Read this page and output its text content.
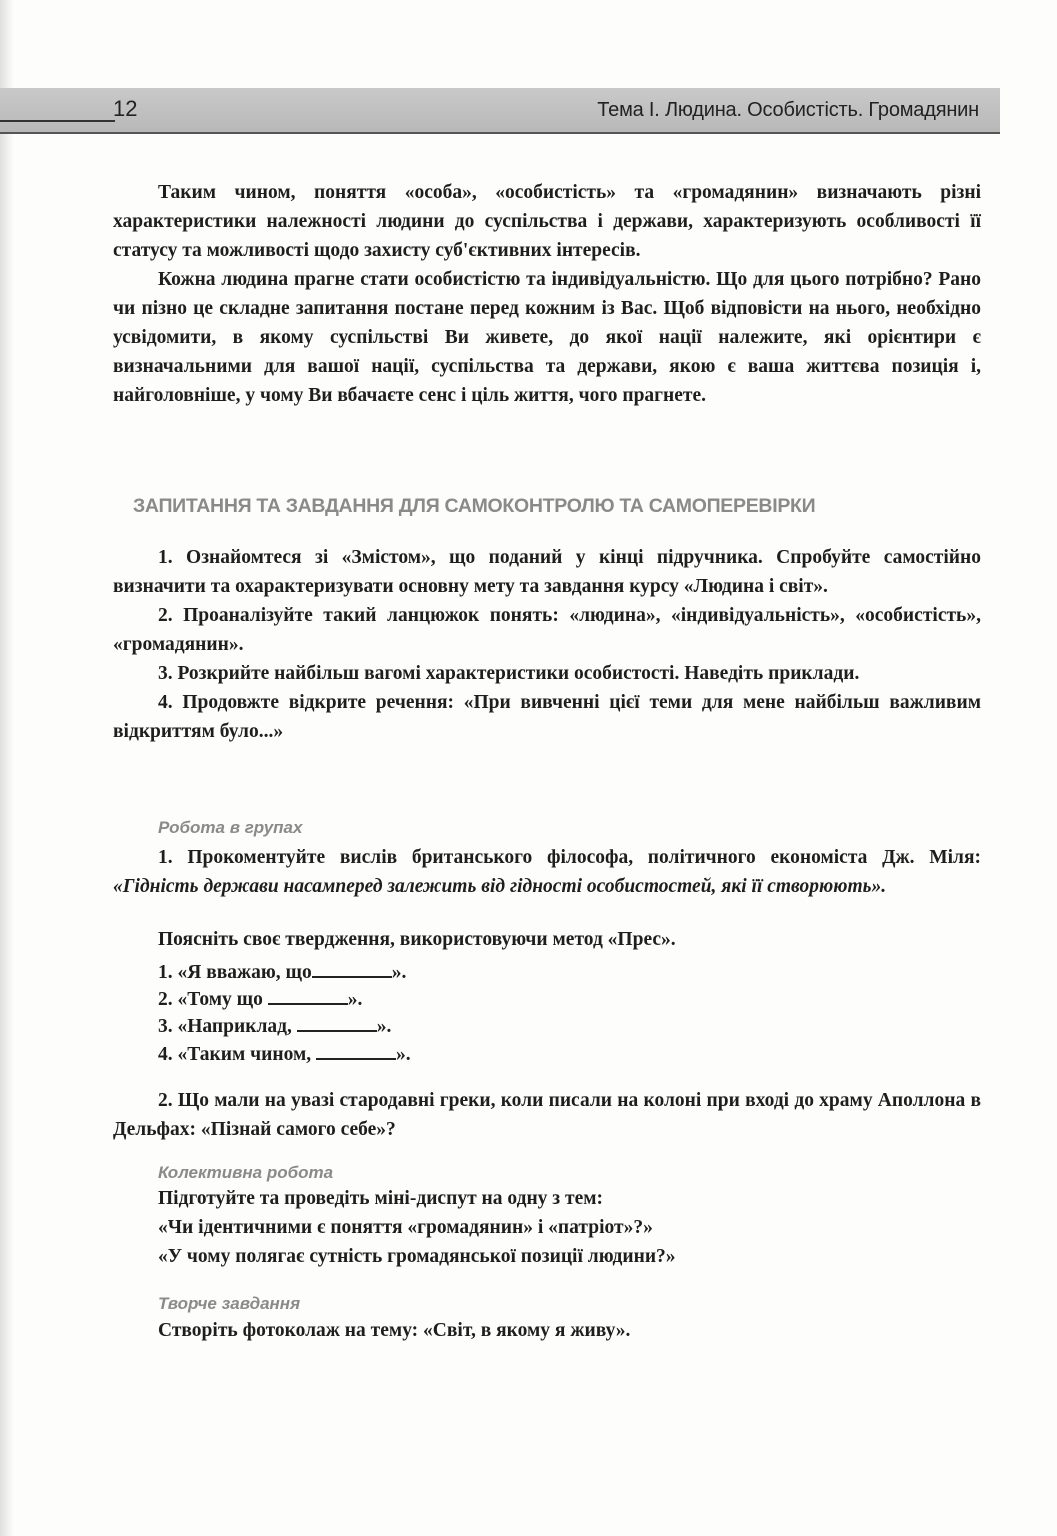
12	Тема І. Людина. Особистість. Громадянин

Таким чином, поняття «особа», «особистість» та «громадянин» визначають різні характеристики належності людини до суспільства і держави, характеризують особливості її статусу та можливості щодо захисту суб'єктивних інтересів.

Кожна людина прагне стати особистістю та індивідуальністю. Що для цього потрібно? Рано чи пізно це складне запитання постане перед кожним із Вас. Щоб відповісти на нього, необхідно усвідомити, в якому суспільстві Ви живете, до якої нації належите, які орієнтири є визначальними для вашої нації, суспільства та держави, якою є ваша життєва позиція і, найголовніше, у чому Ви вбачаєте сенс і ціль життя, чого прагнете.

ЗАПИТАННЯ ТА ЗАВДАННЯ ДЛЯ САМОКОНТРОЛЮ ТА САМОПЕРЕВІРКИ

1. Ознайомтеся зі «Змістом», що поданий у кінці підручника. Спробуйте самостійно визначити та охарактеризувати основну мету та завдання курсу «Людина і світ».

2. Проаналізуйте такий ланцюжок понять: «людина», «індивідуальність», «особистість», «громадянин».

3. Розкрийте найбільш вагомі характеристики особистості. Наведіть приклади.

4. Продовжте відкрите речення: «При вивченні цієї теми для мене найбільш важливим відкриттям було...»

Робота в групах

1. Прокоментуйте вислів британського філософа, політичного економіста Дж. Міля: «Гідність держави насамперед залежить від гідності особистостей, які її створюють».

Поясніть своє твердження, використовуючи метод «Прес».
1. «Я вважаю, що	».
2. «Тому що	».
3. «Наприклад,	».
4. «Таким чином,	».

2. Що мали на увазі стародавні греки, коли писали на колоні при вході до храму Аполлона в Дельфах: «Пізнай самого себе»?

Колективна робота
Підготуйте та проведіть міні-диспут на одну з тем:
«Чи ідентичними є поняття «громадянин» і «патріот»?»
«У чому полягає сутність громадянської позиції людини?»
Творче завдання
Створіть фотоколаж на тему: «Світ, в якому я живу».
